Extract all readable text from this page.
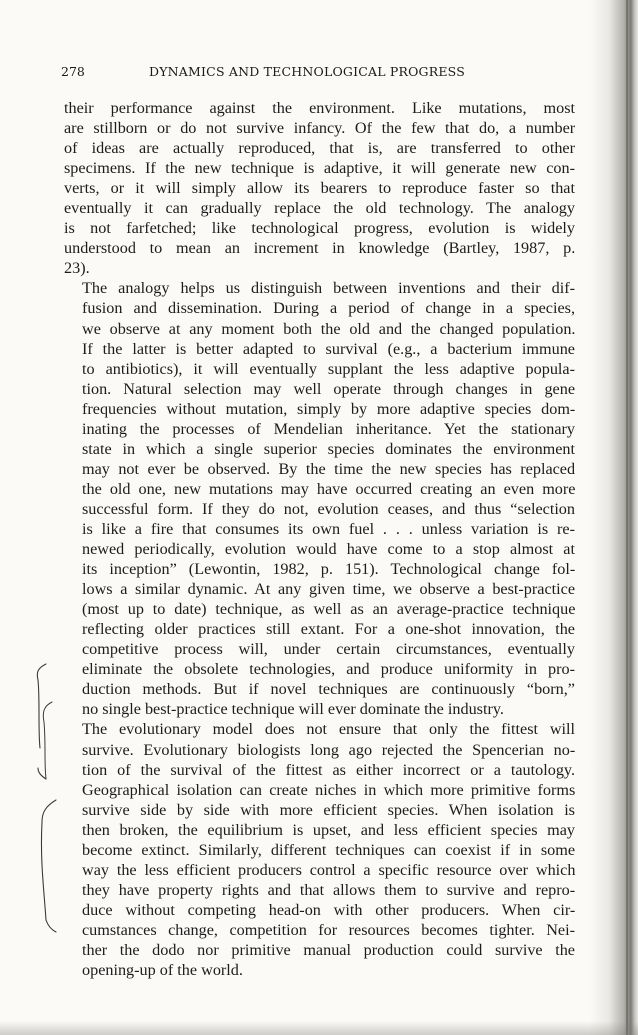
278	DYNAMICS AND TECHNOLOGICAL PROGRESS
their performance against the environment. Like mutations, most
are stillborn or do not survive infancy. Of the few that do, a number
of ideas are actually reproduced, that is, are transferred to other
specimens. If the new technique is adaptive, it will generate new con-
verts, or it will simply allow its bearers to reproduce faster so that
eventually it can gradually replace the old technology. The analogy
is not farfetched; like technological progress, evolution is widely
understood to mean an increment in knowledge (Bartley, 1987, p.
23).
The analogy helps us distinguish between inventions and their dif-
fusion and dissemination. During a period of change in a species,
we observe at any moment both the old and the changed population.
If the latter is better adapted to survival (e.g., a bacterium immune
to antibiotics), it will eventually supplant the less adaptive popula-
tion. Natural selection may well operate through changes in gene
frequencies without mutation, simply by more adaptive species dom-
inating the processes of Mendelian inheritance. Yet the stationary
state in which a single superior species dominates the environment
may not ever be observed. By the time the new species has replaced
the old one, new mutations may have occurred creating an even more
successful form. If they do not, evolution ceases, and thus “selection
is like a fire that consumes its own fuel . . . unless variation is re-
newed periodically, evolution would have come to a stop almost at
its inception” (Lewontin, 1982, p. 151). Technological change fol-
lows a similar dynamic. At any given time, we observe a best-practice
(most up to date) technique, as well as an average-practice technique
reflecting older practices still extant. For a one-shot innovation, the
competitive process will, under certain circumstances, eventually
eliminate the obsolete technologies, and produce uniformity in pro-
duction methods. But if novel techniques are continuously “born,”
no single best-practice technique will ever dominate the industry.
The evolutionary model does not ensure that only the fittest will
survive. Evolutionary biologists long ago rejected the Spencerian no-
tion of the survival of the fittest as either incorrect or a tautology.
Geographical isolation can create niches in which more primitive forms
survive side by side with more efficient species. When isolation is
then broken, the equilibrium is upset, and less efficient species may
become extinct. Similarly, different techniques can coexist if in some
way the less efficient producers control a specific resource over which
they have property rights and that allows them to survive and repro-
duce without competing head-on with other producers. When cir-
cumstances change, competition for resources becomes tighter. Nei-
ther the dodo nor primitive manual production could survive the
opening-up of the world.
